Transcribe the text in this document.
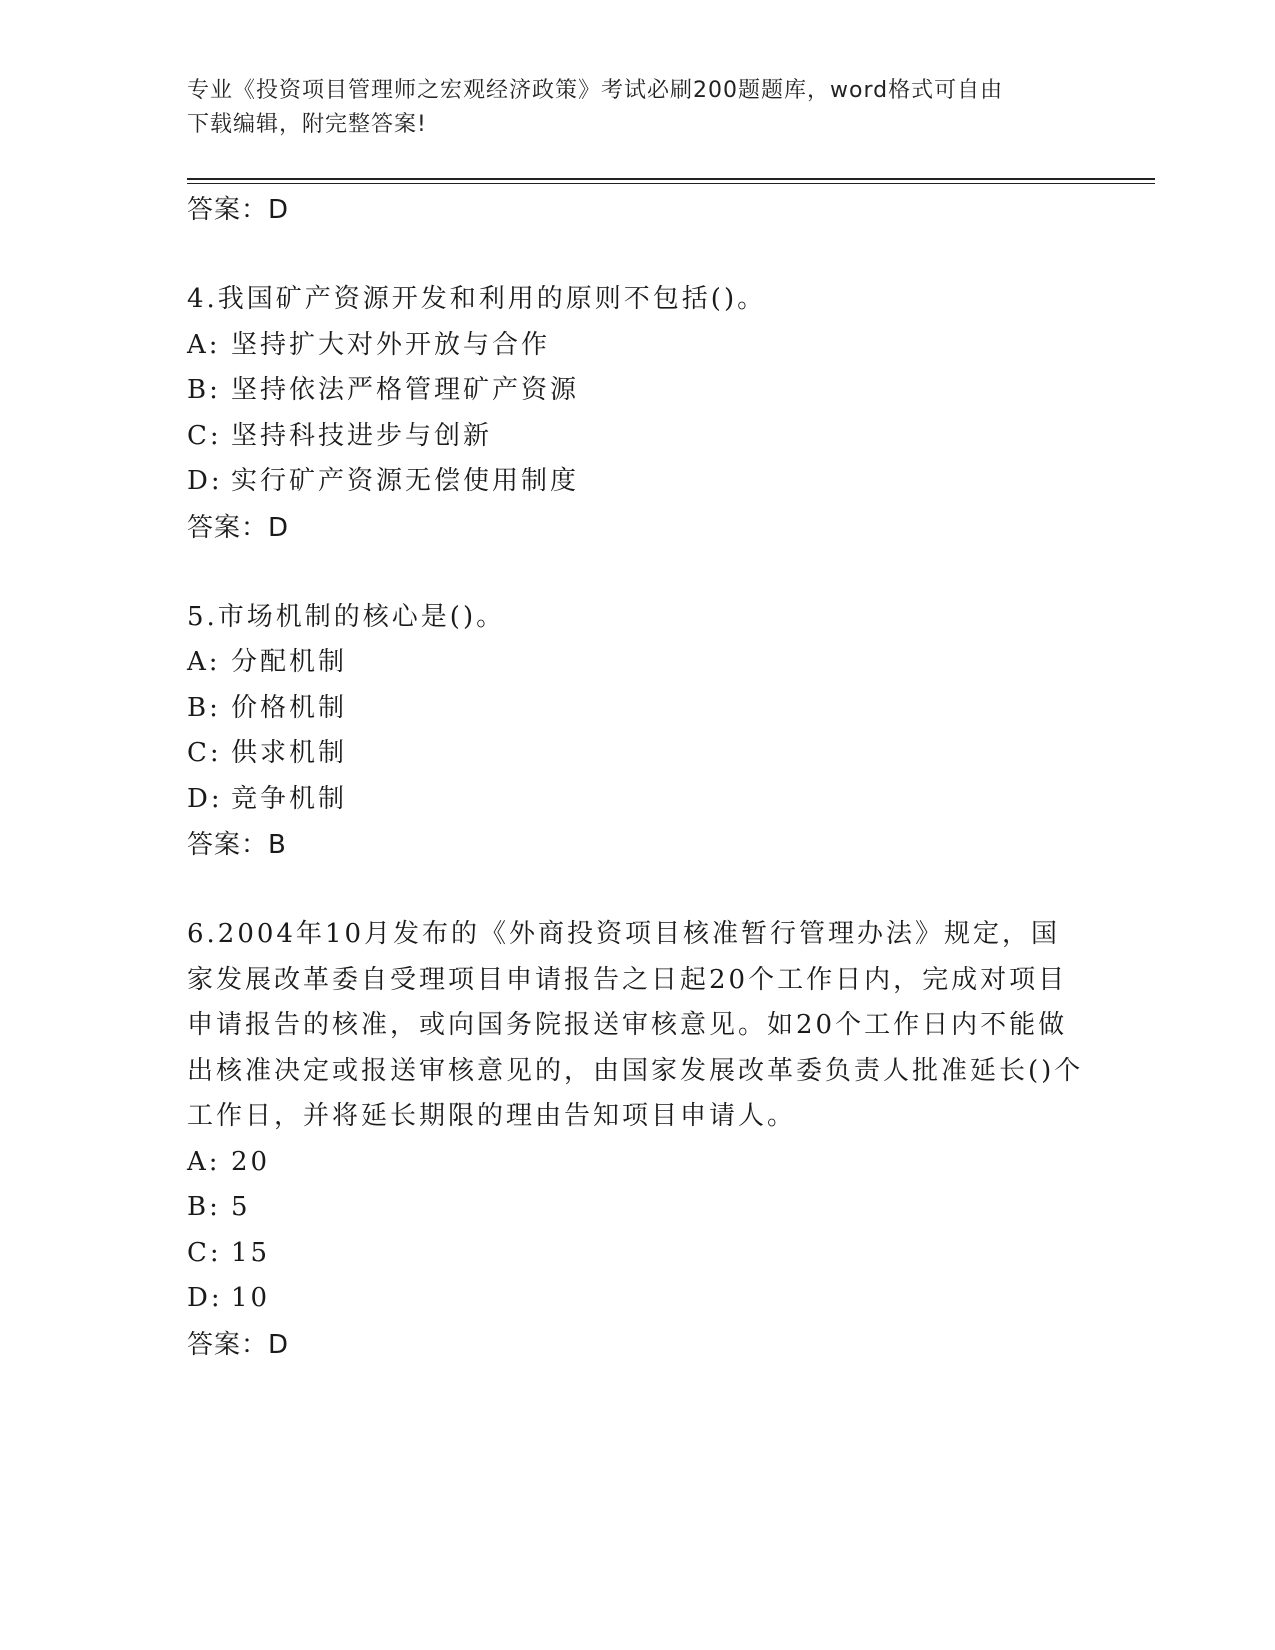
专业《投资项目管理师之宏观经济政策》考试必刷200题题库，word格式可自由
下载编辑，附完整答案!
答案：D
4.我国矿产资源开发和利用的原则不包括()。
A: 坚持扩大对外开放与合作
B: 坚持依法严格管理矿产资源
C: 坚持科技进步与创新
D: 实行矿产资源无偿使用制度
答案：D
5.市场机制的核心是()。
A: 分配机制
B: 价格机制
C: 供求机制
D: 竞争机制
答案：B
6.2004年10月发布的《外商投资项目核准暂行管理办法》规定，国家发展改革委自受理项目申请报告之日起20个工作日内，完成对项目申请报告的核准，或向国务院报送审核意见。如20个工作日内不能做出核准决定或报送审核意见的，由国家发展改革委负责人批准延长()个工作日，并将延长期限的理由告知项目申请人。
A: 20
B: 5
C: 15
D: 10
答案：D
